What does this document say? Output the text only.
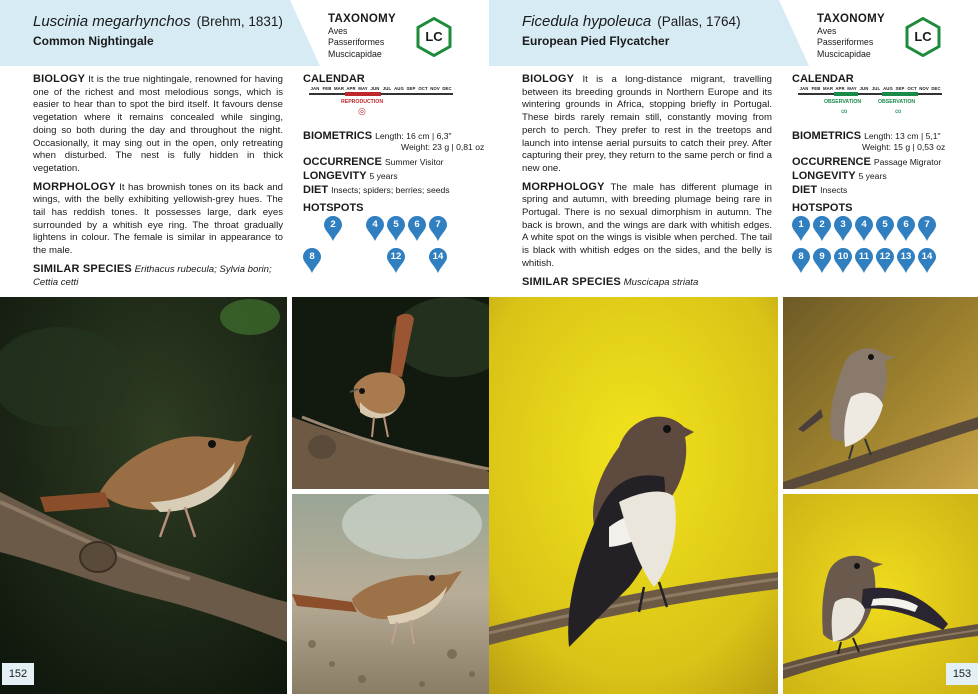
Luscinia megarhynchos (Brehm, 1831)
Common Nightingale
TAXONOMY
Aves
Passeriformes
Muscicapidae
LC

BIOLOGY It is the true nightingale, renowned for having one of the richest and most melodious songs, which is easier to hear than to spot the bird itself. It favours dense vegetation where it remains concealed while singing, doing so both during the day and throughout the night. Occasionally, it may sing out in the open, only retreating when disturbed. The nest is fully hidden in thick vegetation.

MORPHOLOGY It has brownish tones on its back and wings, with the belly exhibiting yellowish-grey hues. The tail has reddish tones. It possesses large, dark eyes surrounded by a whitish eye ring. The throat gradually lightens in colour. The female is similar in appearance to the male.

SIMILAR SPECIES Erithacus rubecula; Sylvia borin; Cettia cetti

CALENDAR
JAN FEB MAR APR MAY JUN JUL AUG SEP OCT NOV DEC
REPRODUCTION
◎
BIOMETRICS Length: 16 cm | 6,3"
Weight: 23 g | 0,81 oz
OCCURRENCE Summer Visitor
LONGEVITY 5 years
DIET Insects; spiders; berries; seeds
HOTSPOTS
2	4	5	6	7
8	12	14
152
Ficedula hypoleuca (Pallas, 1764)
European Pied Flycatcher
TAXONOMY
Aves
Passeriformes
Muscicapidae
LC

BIOLOGY It is a long-distance migrant, travelling between its breeding grounds in Northern Europe and its wintering grounds in Africa, stopping briefly in Portugal. These birds rarely remain still, constantly moving from perch to perch. They prefer to rest in the treetops and launch into intense aerial pursuits to catch their prey. After capturing their prey, they return to the same perch or find a new one.

MORPHOLOGY The male has different plumage in spring and autumn, with breeding plumage being rare in Portugal. There is no sexual dimorphism in autumn. The back is brown, and the wings are dark with whitish edges. A white spot on the wings is visible when perched. The tail is black with whitish edges on the sides, and the belly is whitish.

SIMILAR SPECIES Muscicapa striata

CALENDAR
JAN FEB MAR APR MAY JUN JUL AUG SEP OCT NOV DEC
OBSERVATION
∞
OBSERVATION
∞
BIOMETRICS Length: 13 cm | 5,1"
Weight: 15 g | 0,53 oz
OCCURRENCE Passage Migrator
LONGEVITY 5 years
DIET Insects
HOTSPOTS
1	2	3	4	5	6	7
8	9	10	11	12	13	14
153
